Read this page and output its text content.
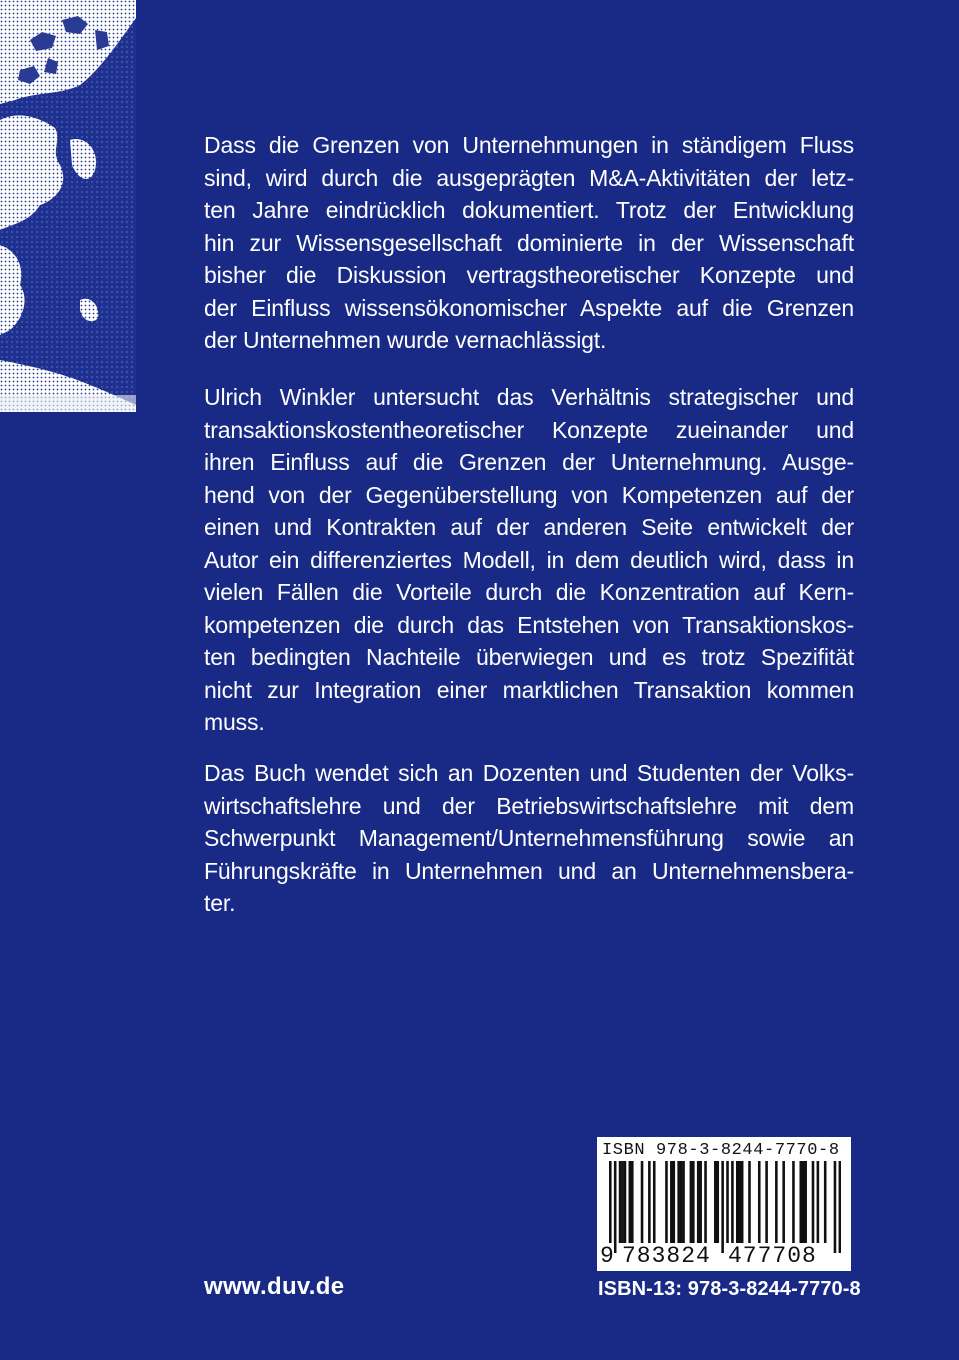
Dass die Grenzen von Unternehmungen in ständigem Fluss
sind, wird durch die ausgeprägten M&A-Aktivitäten der letz-
ten Jahre eindrücklich dokumentiert. Trotz der Entwicklung
hin zur Wissensgesellschaft dominierte in der Wissenschaft
bisher die Diskussion vertragstheoretischer Konzepte und
der Einfluss wissensökonomischer Aspekte auf die Grenzen
der Unternehmen wurde vernachlässigt.
Ulrich Winkler untersucht das Verhältnis strategischer und
transaktionskostentheoretischer Konzepte zueinander und
ihren Einfluss auf die Grenzen der Unternehmung. Ausge-
hend von der Gegenüberstellung von Kompetenzen auf der
einen und Kontrakten auf der anderen Seite entwickelt der
Autor ein differenziertes Modell, in dem deutlich wird, dass in
vielen Fällen die Vorteile durch die Konzentration auf Kern-
kompetenzen die durch das Entstehen von Transaktionskos-
ten bedingten Nachteile überwiegen und es trotz Spezifität
nicht zur Integration einer marktlichen Transaktion kommen
muss.
Das Buch wendet sich an Dozenten und Studenten der Volks-
wirtschaftslehre und der Betriebswirtschaftslehre mit dem
Schwerpunkt Management/Unternehmensführung sowie an
Führungskräfte in Unternehmen und an Unternehmensbera-
ter.
www.duv.de
ISBN 978-3-8244-7770-8
9 783824 477708
ISBN-13: 978-3-8244-7770-8
